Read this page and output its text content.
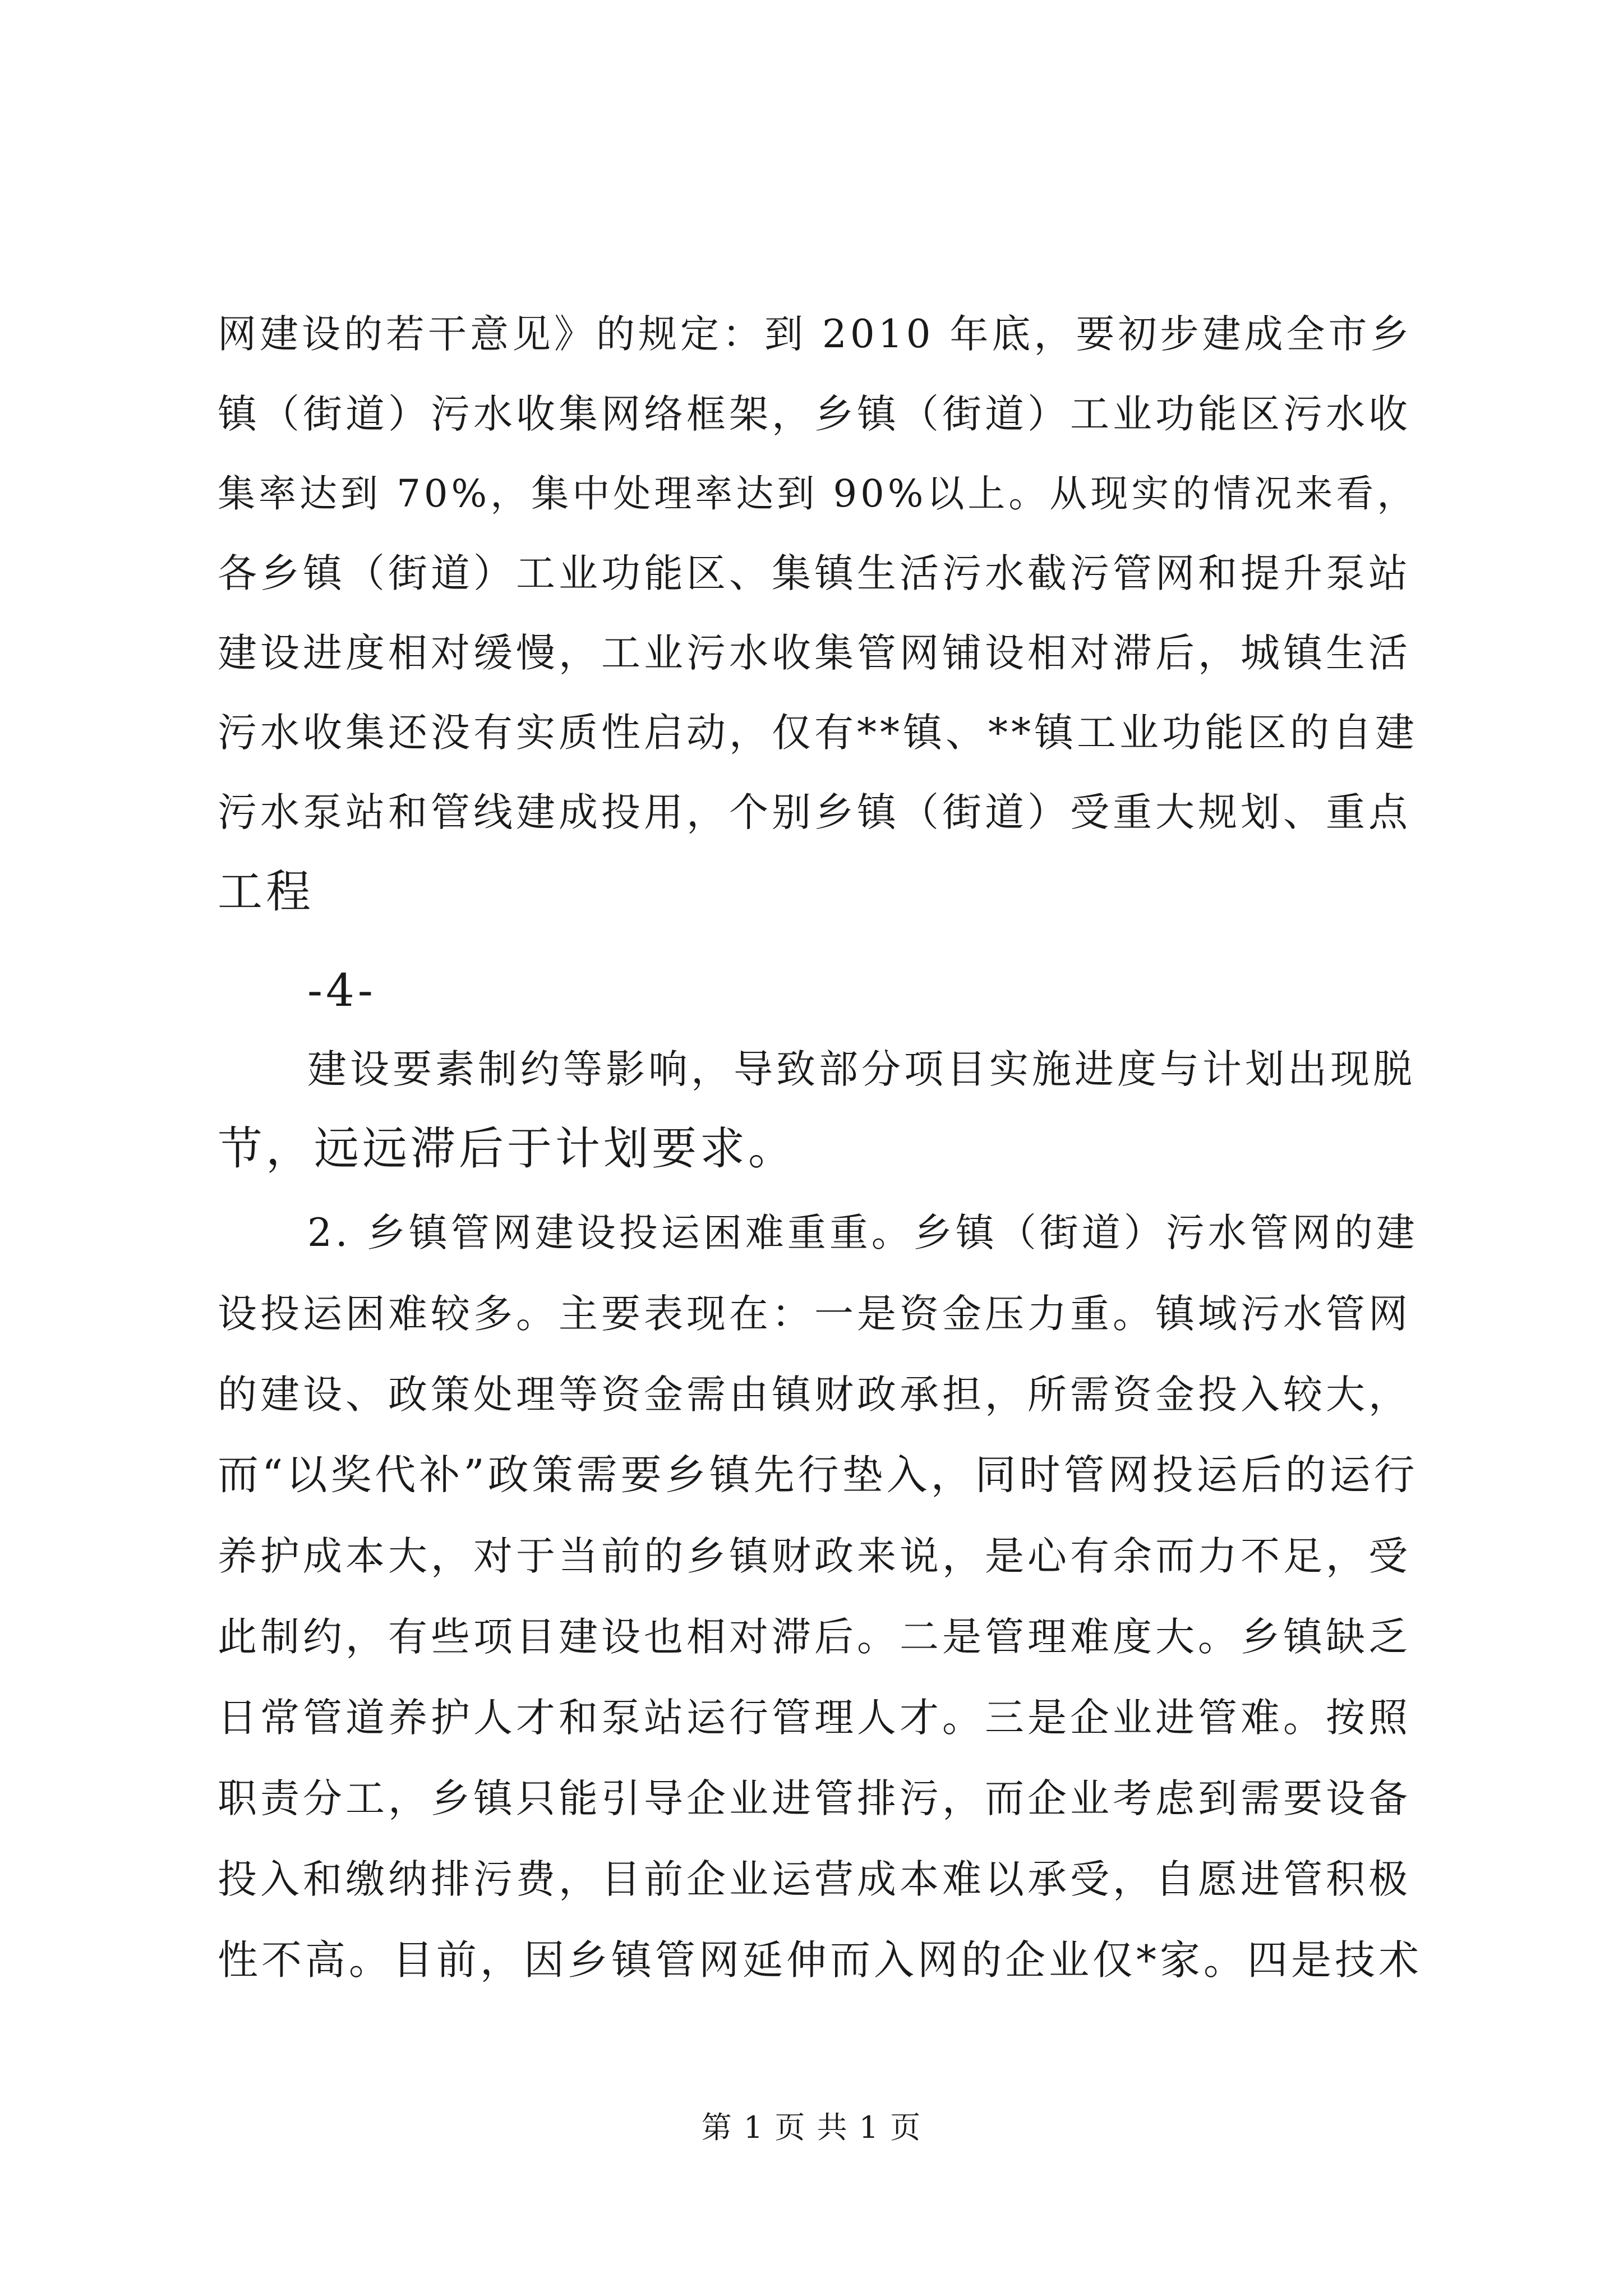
网建设的若干意见》的规定：到 2010 年底，要初步建成全市乡
镇（街道）污水收集网络框架，乡镇（街道）工业功能区污水收
集率达到 70%，集中处理率达到 90%以上。从现实的情况来看，
各乡镇（街道）工业功能区、集镇生活污水截污管网和提升泵站
建设进度相对缓慢，工业污水收集管网铺设相对滞后，城镇生活
污水收集还没有实质性启动，仅有**镇、**镇工业功能区的自建
污水泵站和管线建成投用，个别乡镇（街道）受重大规划、重点
工程
-4-
建设要素制约等影响，导致部分项目实施进度与计划出现脱
节，远远滞后于计划要求。
2. 乡镇管网建设投运困难重重。乡镇（街道）污水管网的建
设投运困难较多。主要表现在：一是资金压力重。镇域污水管网
的建设、政策处理等资金需由镇财政承担，所需资金投入较大，
而“以奖代补”政策需要乡镇先行垫入，同时管网投运后的运行
养护成本大，对于当前的乡镇财政来说，是心有余而力不足，受
此制约，有些项目建设也相对滞后。二是管理难度大。乡镇缺乏
日常管道养护人才和泵站运行管理人才。三是企业进管难。按照
职责分工，乡镇只能引导企业进管排污，而企业考虑到需要设备
投入和缴纳排污费，目前企业运营成本难以承受，自愿进管积极
性不高。目前，因乡镇管网延伸而入网的企业仅*家。四是技术
第 1 页 共 1 页
